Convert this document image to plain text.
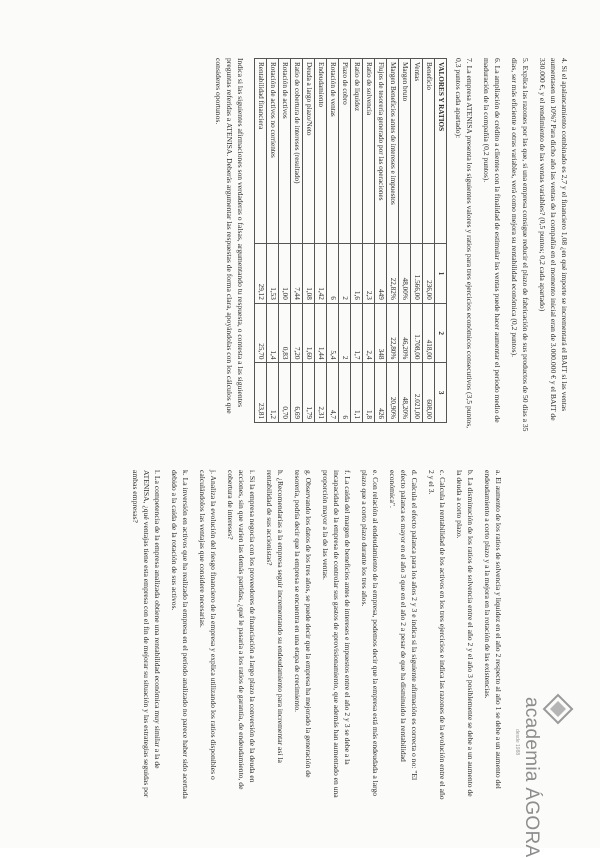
4. Si el apalancamiento combinado es 2,7 y el financiero 1,08 ¿en qué importe se incrementará el BAIT si las ventas aumentasen un 10%? Para dicho año las ventas de la compañía en el momento inicial eran de 3.000.000 € y el BAIT de 330.000 €, y el rendimiento de las ventas variables? (0,5 puntos; 0,2 cada apartado)

5. Explica las razones por las que, si una empresa consigue reducir el plazo de fabricación de sus productos de 50 días a 35 días, ser más eficiente a otras variables, verá como mejora su rentabilidad económica (0,2 puntos).

6. La ampliación de crédito a clientes con la finalidad de estimular las ventas puede hacer aumentar el periodo medio de maduración de la compañía (0,2 puntos).

7. La empresa ATENISA presenta los siguientes valores y ratios para tres ejercicios económicos consecutivos (3,5 puntos, 0,3 puntos cada apartado):

VALORES Y RATIOS	1	2	3
Beneficio	236,00	418,00	608,00
Ventas	1.566,00	1.708,00	2.021,00
Margen bruto	48,00%	46,20%	48,20%
Margen Beneficios antes de intereses e impuestos	22,82%	22,80%	20,90%
Flujos de tesorería generado por las operaciones	449	348	426
Ratio de solvencia	2,3	2,4	1,8
Ratio de liquidez	1,6	1,7	1,1
Plazo de cobro	2	2	6
Rotación de ventas	6	5,4	4,7
Endeudamiento	1,42	1,44	2,31
Deuda a largo plazo/Neto	1,08	1,60	1,79
Ratio de cobertura de intereses (resultado)	7,44	7,20	6,69
Rotación de activos	1,00	0,83	0,70
Rotación de activos no corrientes	1,53	1,4	1,2
Rentabilidad financiera	29,12	25,70	23,81

Indica si las siguientes afirmaciones son verdaderas o falsas, argumentando tu respuesta, o contesta a las siguientes preguntas referidas a ATENISA. Deberás argumentar las respuestas de forma clara, apoyándolas con los cálculos que consideres oportunos.

academia ÁGORA
desde 1988

a. El aumento de los ratios de solvencia y liquidez en el año 2 respecto al año 1 se debe a un aumento del endeudamiento a corto plazo y a la mejora en la rotación de las existencias.

b. La disminución de los ratios de solvencia entre el año 2 y el año 3 posiblemente se debe a un aumento de la deuda a corto plazo.

c. Calcula la rentabilidad de los activos en los tres ejercicios e indica las razones de la evolución entre el año 2 y el 3.

d. Calcula el efecto palanca para los años 2 y 3 e indica si la siguiente afirmación es correcta o no: "El efecto palanca es mayor en el año 3 que en el año 2 a pesar de que ha disminuido la rentabilidad económica".

e. Con relación al endeudamiento de la empresa, podemos decir que la empresa está más endeudada a largo plazo que a corto plazo durante los tres años.

f. La caída del margen de beneficios antes de intereses e impuestos entre el año 2 y 3 se debe a la incapacidad de la empresa de controlar sus gastos de aprovisionamiento, que además han aumentado en una proporción mayor a la de las ventas.

g. Observando los datos de los tres años, se puede decir que la empresa ha mejorado la generación de tesorería, podría decir que la empresa se encuentra en una etapa de crecimiento.

h. ¿Recomendarías a la empresa seguir incrementando su endeudamiento para incrementar así la rentabilidad de sus accionistas?

i. Si la empresa negocia con los proveedores de financiación a largo plazo la conversión de la deuda en acciones, sin que varíen las demás partidas, ¿qué le pasaría a los ratios de garantía, de endeudamiento, de cobertura de intereses?

j. Analiza la evolución del riesgo financiero de la empresa y explica utilizando los ratios disponibles o calculándolos las ventajas que considere necesarias.

k. La inversión en activos que ha realizado la empresa en el período analizado no parece haber sido acertada debido a la caída de la rotación de sus activos.

l. La competencia de la empresa analizada obtiene una rentabilidad económica muy similar a la de ATENISA, ¿qué ventajas tiene esta empresa con el fin de mejorar su situación y las estrategias seguidas por ambas empresas?
